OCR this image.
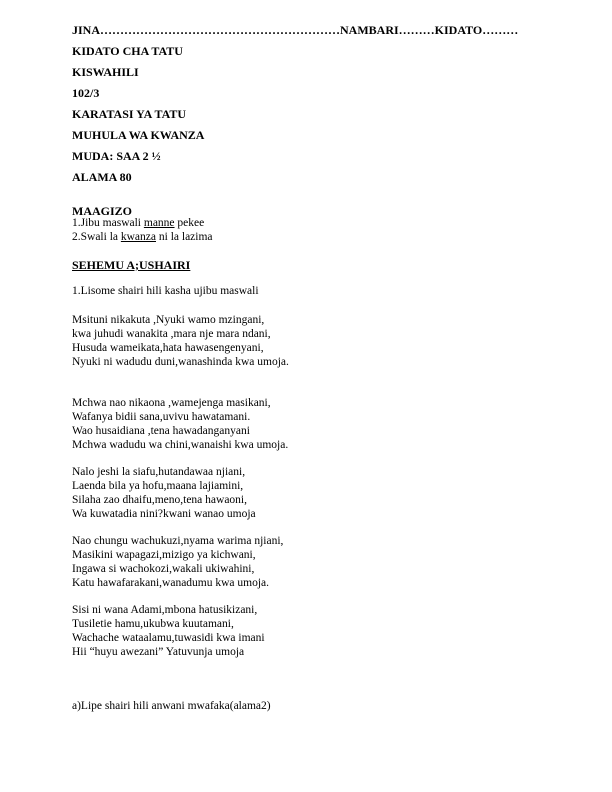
JINA……………………………………………………NAMBARI………KIDATO………
KIDATO CHA TATU
KISWAHILI
102/3
KARATASI YA TATU
MUHULA WA KWANZA
MUDA: SAA 2 ½
ALAMA 80
MAAGIZO
1.Jibu maswali manne pekee
2.Swali la kwanza ni la lazima
SEHEMU A;USHAIRI
1.Lisome shairi hili kasha ujibu maswali
Msituni nikakuta ,Nyuki wamo mzingani,
kwa juhudi wanakita ,mara nje mara ndani,
Husuda wameikata,hata hawasengenyani,
Nyuki ni wadudu duni,wanashinda kwa umoja.
Mchwa nao nikaona ,wamejenga masikani,
Wafanya bidii sana,uvivu hawatamani.
Wao husaidiana ,tena hawadanganyani
Mchwa wadudu wa chini,wanaishi kwa umoja.
Nalo jeshi la siafu,hutandawaa njiani,
Laenda bila ya hofu,maana lajiamini,
Silaha zao dhaifu,meno,tena hawaoni,
Wa kuwatadia nini?kwani wanao umoja
Nao chungu wachukuzi,nyama warima njiani,
Masikini wapagazi,mizigo ya kichwani,
Ingawa si wachokozi,wakali ukiwahini,
Katu hawafarakani,wanadumu kwa umoja.
Sisi ni wana Adami,mbona hatusikizani,
Tusiletie hamu,ukubwa kuutamani,
Wachache wataalamu,tuwasidi kwa imani
Hii “huyu awezani” Yatuvunja umoja
a)Lipe shairi hili anwani mwafaka(alama2)
